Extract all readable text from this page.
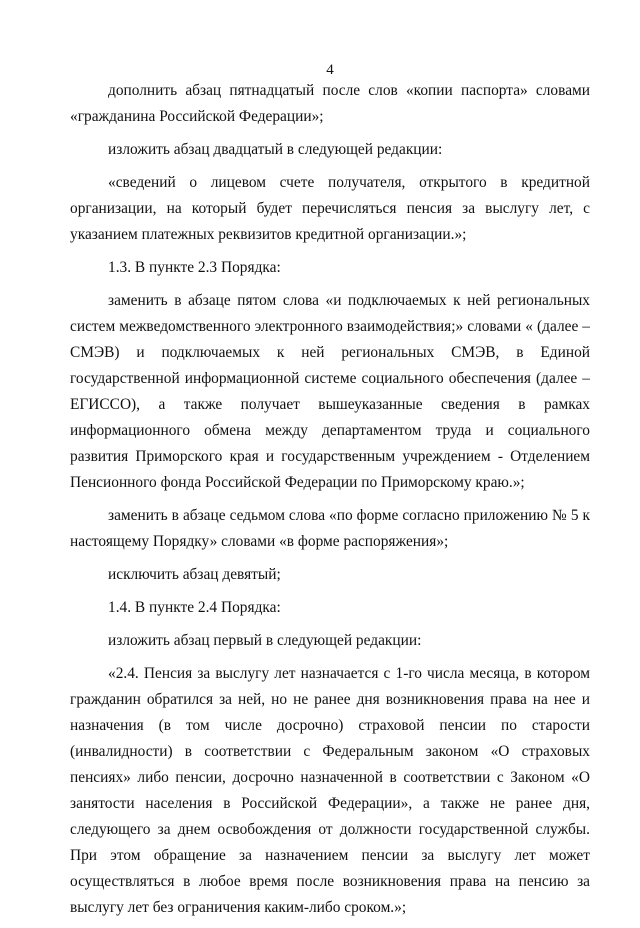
4

дополнить абзац пятнадцатый после слов «копии паспорта» словами «гражданина Российской Федерации»;

изложить абзац двадцатый в следующей редакции:

«сведений о лицевом счете получателя, открытого в кредитной организации, на который будет перечисляться пенсия за выслугу лет, с указанием платежных реквизитов кредитной организации.»;

1.3. В пункте 2.3 Порядка:

заменить в абзаце пятом слова «и подключаемых к ней региональных систем межведомственного электронного взаимодействия;» словами « (далее – СМЭВ) и подключаемых к ней региональных СМЭВ, в Единой государственной информационной системе социального обеспечения (далее – ЕГИССО), а также получает вышеуказанные сведения в рамках информационного обмена между департаментом труда и социального развития Приморского края и государственным учреждением - Отделением Пенсионного фонда Российской Федерации по Приморскому краю.»;

заменить в абзаце седьмом слова «по форме согласно приложению № 5 к настоящему Порядку» словами «в форме распоряжения»;

исключить абзац девятый;

1.4. В пункте 2.4 Порядка:

изложить абзац первый в следующей редакции:

«2.4. Пенсия за выслугу лет назначается с 1-го числа месяца, в котором гражданин обратился за ней, но не ранее дня возникновения права на нее и назначения (в том числе досрочно) страховой пенсии по старости (инвалидности) в соответствии с Федеральным законом «О страховых пенсиях» либо пенсии, досрочно назначенной в соответствии с Законом «О занятости населения в Российской Федерации», а также не ранее дня, следующего за днем освобождения от должности государственной службы. При этом обращение за назначением пенсии за выслугу лет может осуществляться в любое время после возникновения права на пенсию за выслугу лет без ограничения каким-либо сроком.»;
